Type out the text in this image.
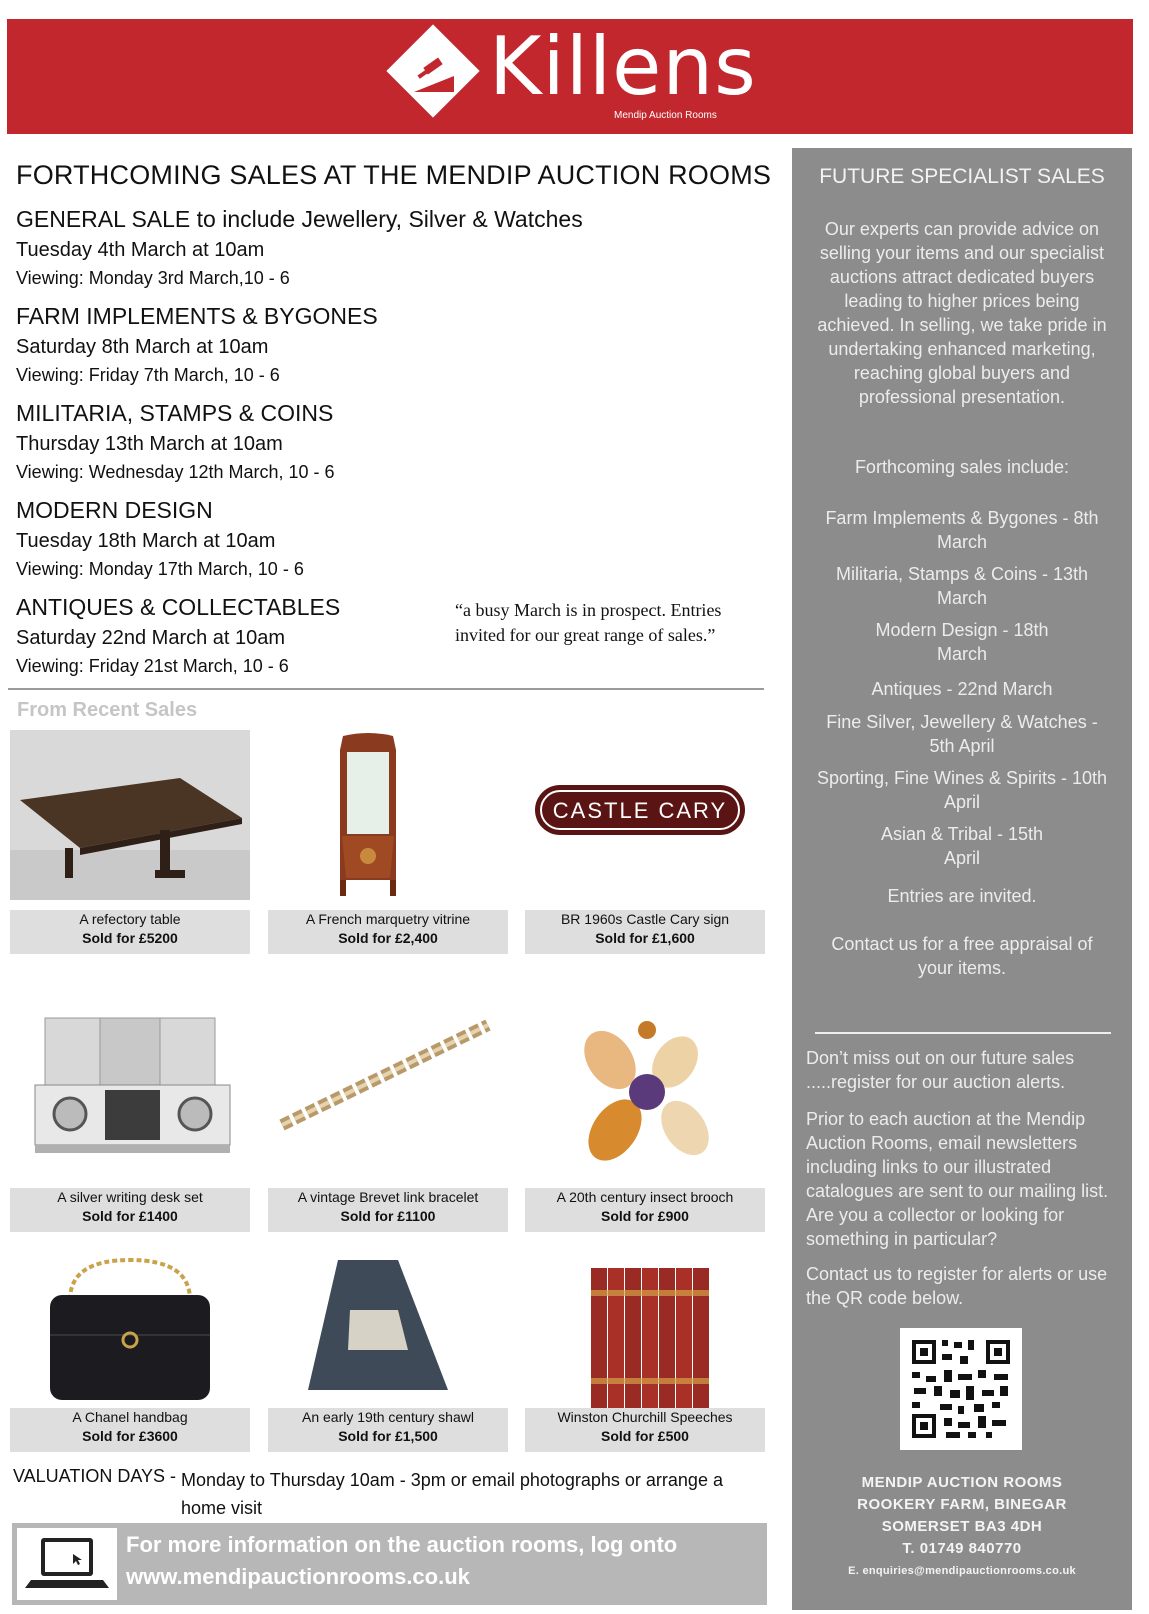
Killens
Mendip Auction Rooms
FORTHCOMING SALES AT THE MENDIP AUCTION ROOMS
GENERAL SALE to include Jewellery, Silver & Watches
Tuesday 4th March at 10am
Viewing: Monday 3rd March,10 - 6
FARM IMPLEMENTS & BYGONES
Saturday 8th March at 10am
Viewing: Friday 7th March, 10 - 6
MILITARIA, STAMPS & COINS
Thursday 13th March at 10am
Viewing: Wednesday 12th March, 10 - 6
MODERN DESIGN
Tuesday 18th March at 10am
Viewing: Monday 17th March, 10 - 6
ANTIQUES & COLLECTABLES
Saturday 22nd March at 10am
Viewing: Friday 21st March, 10 - 6
“a busy March is in prospect. Entries invited for our great range of sales.”
From Recent Sales
CASTLE CARY
A refectory table
Sold for £5200
A French marquetry vitrine
Sold for £2,400
BR 1960s Castle Cary sign
Sold for £1,600
A silver writing desk set
Sold for £1400
A vintage Brevet link bracelet
Sold for £1100
A 20th century insect brooch
Sold for £900
A Chanel handbag
Sold for £3600
An early 19th century shawl
Sold for £1,500
Winston Churchill Speeches
Sold for £500
VALUATION DAYS - Monday to Thursday 10am - 3pm or email photographs or arrange a home visit
For more information on the auction rooms, log onto
www.mendipauctionrooms.co.uk
FUTURE SPECIALIST SALES
Our experts can provide advice on selling your items and our specialist auctions attract dedicated buyers leading to higher prices being achieved. In selling, we take pride in undertaking enhanced marketing, reaching global buyers and professional presentation.
Forthcoming sales include:
Farm Implements & Bygones - 8th March
Militaria, Stamps & Coins - 13th March
Modern Design - 18th March
Antiques - 22nd March
Fine Silver, Jewellery & Watches - 5th April
Sporting, Fine Wines & Spirits - 10th April
Asian & Tribal - 15th April
Entries are invited.
Contact us for a free appraisal of your items.
Don’t miss out on our future sales .....register for our auction alerts.
Prior to each auction at the Mendip Auction Rooms, email newsletters including links to our illustrated catalogues are sent to our mailing list. Are you a collector or looking for something in particular?
Contact us to register for alerts or use the QR code below.
MENDIP AUCTION ROOMS
ROOKERY FARM, BINEGAR
SOMERSET BA3 4DH
T. 01749 840770
E. enquiries@mendipauctionrooms.co.uk
